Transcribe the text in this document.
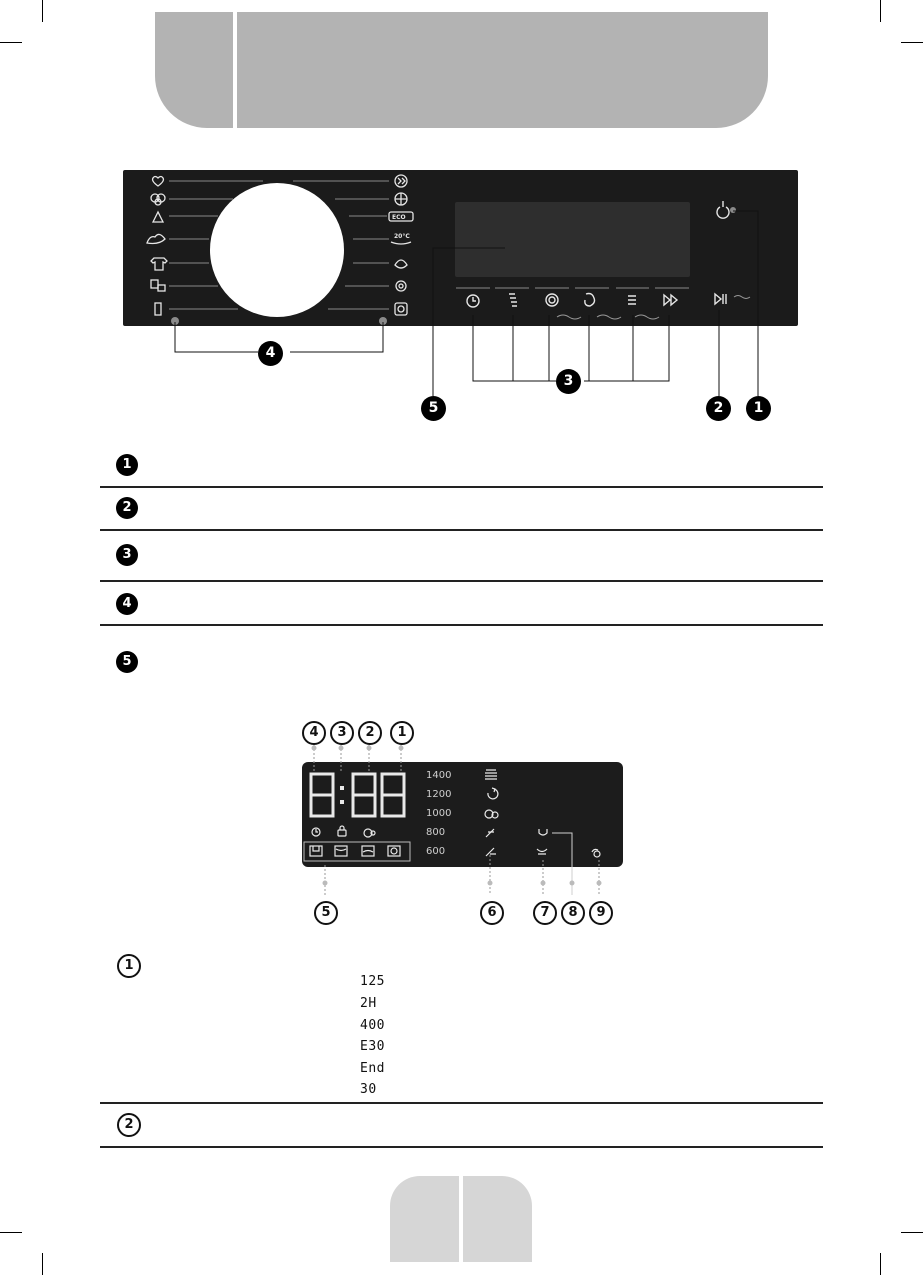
ECO
20°C
4
3
5	2	1
1
2
3
4
5
4	3	2	1
1400
1200
1000
800
600
5	6	7	8	9
1
125
2H
400
E30
End
30
2
